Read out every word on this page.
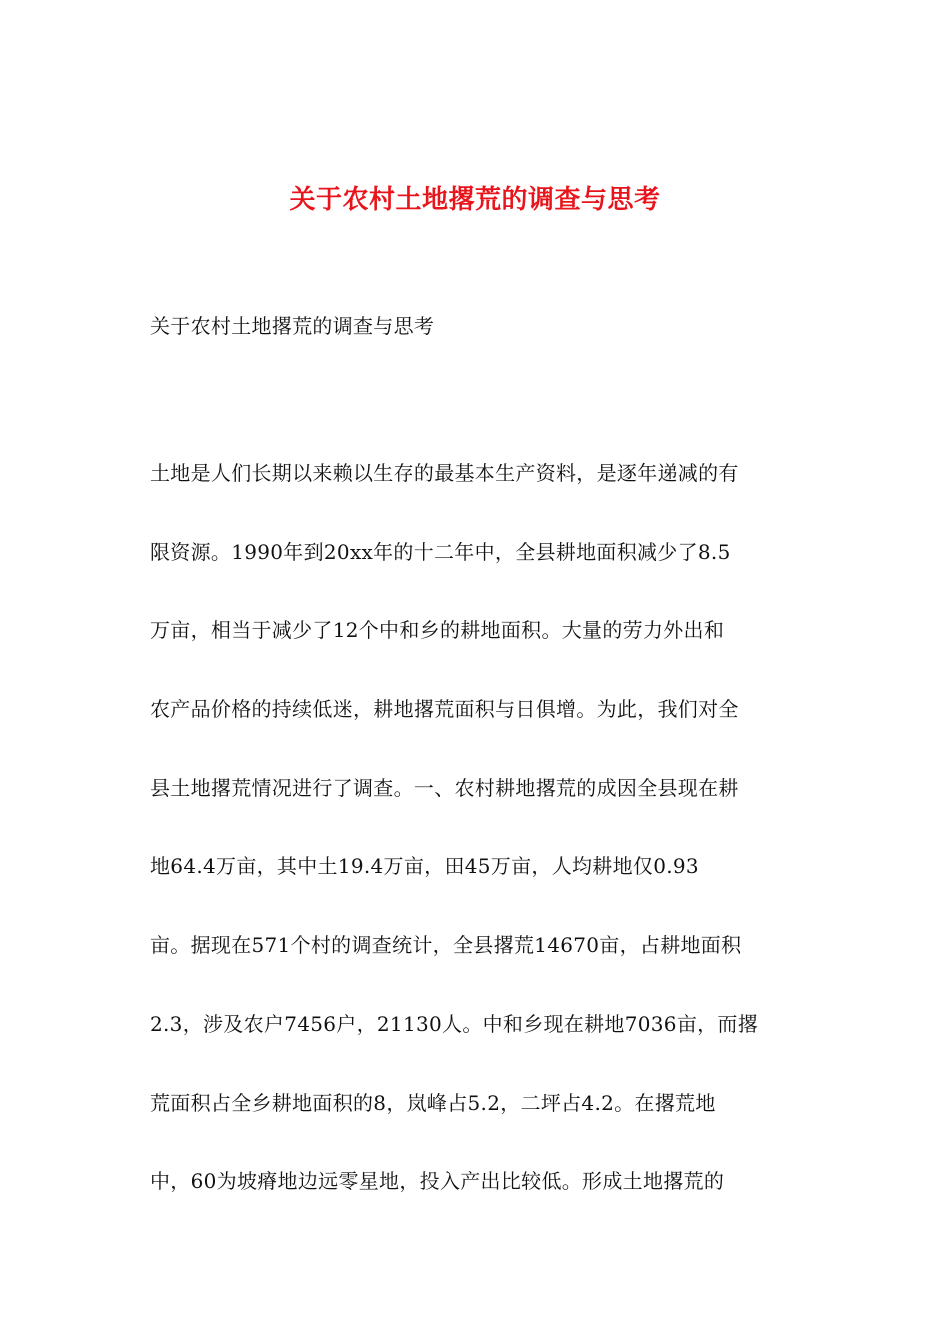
关于农村土地撂荒的调查与思考
关于农村土地撂荒的调查与思考
土地是人们长期以来赖以生存的最基本生产资料，是逐年递减的有
限资源。1990年到20xx年的十二年中，全县耕地面积减少了8.5
万亩，相当于减少了12个中和乡的耕地面积。大量的劳力外出和
农产品价格的持续低迷，耕地撂荒面积与日俱增。为此，我们对全
县土地撂荒情况进行了调查。一、农村耕地撂荒的成因全县现在耕
地64.4万亩，其中土19.4万亩，田45万亩，人均耕地仅0.93
亩。据现在571个村的调查统计，全县撂荒14670亩，占耕地面积
2.3，涉及农户7456户，21130人。中和乡现在耕地7036亩，而撂
荒面积占全乡耕地面积的8，岚峰占5.2，二坪占4.2。在撂荒地
中，60为坡瘠地边远零星地，投入产出比较低。形成土地撂荒的
